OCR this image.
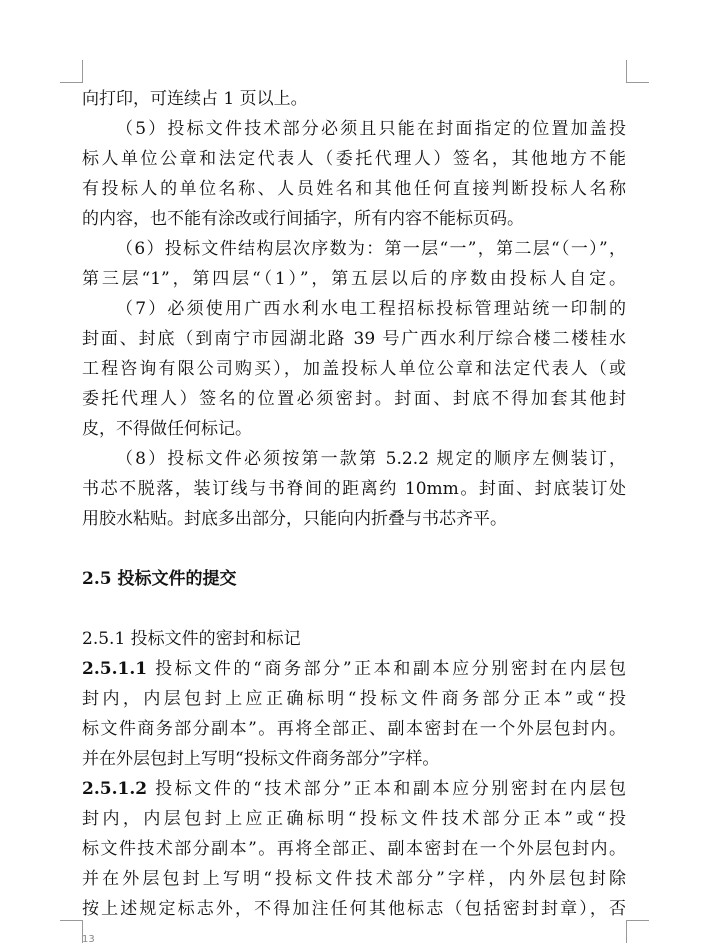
向打印，可连续占 1 页以上。
（5）投标文件技术部分必须且只能在封面指定的位置加盖投
标人单位公章和法定代表人（委托代理人）签名，其他地方不能
有投标人的单位名称、人员姓名和其他任何直接判断投标人名称
的内容，也不能有涂改或行间插字，所有内容不能标页码。
（6）投标文件结构层次序数为：第一层“一”，第二层“（一）”，
第三层“1”，第四层“（1）”，第五层以后的序数由投标人自定。
（7）必须使用广西水利水电工程招标投标管理站统一印制的
封面、封底（到南宁市园湖北路 39 号广西水利厅综合楼二楼桂水
工程咨询有限公司购买），加盖投标人单位公章和法定代表人（或
委托代理人）签名的位置必须密封。封面、封底不得加套其他封
皮，不得做任何标记。
（8）投标文件必须按第一款第 5.2.2 规定的顺序左侧装订，
书芯不脱落，装订线与书脊间的距离约 10mm。封面、封底装订处
用胶水粘贴。封底多出部分，只能向内折叠与书芯齐平。
2.5 投标文件的提交
2.5.1 投标文件的密封和标记
2.5.1.1 投标文件的“商务部分”正本和副本应分别密封在内层包
封内，内层包封上应正确标明“投标文件商务部分正本”或“投
标文件商务部分副本”。再将全部正、副本密封在一个外层包封内。
并在外层包封上写明“投标文件商务部分”字样。
2.5.1.2 投标文件的“技术部分”正本和副本应分别密封在内层包
封内，内层包封上应正确标明“投标文件技术部分正本”或“投
标文件技术部分副本”。再将全部正、副本密封在一个外层包封内。
并在外层包封上写明“投标文件技术部分”字样，内外层包封除
按上述规定标志外，不得加注任何其他标志（包括密封封章），否
13
